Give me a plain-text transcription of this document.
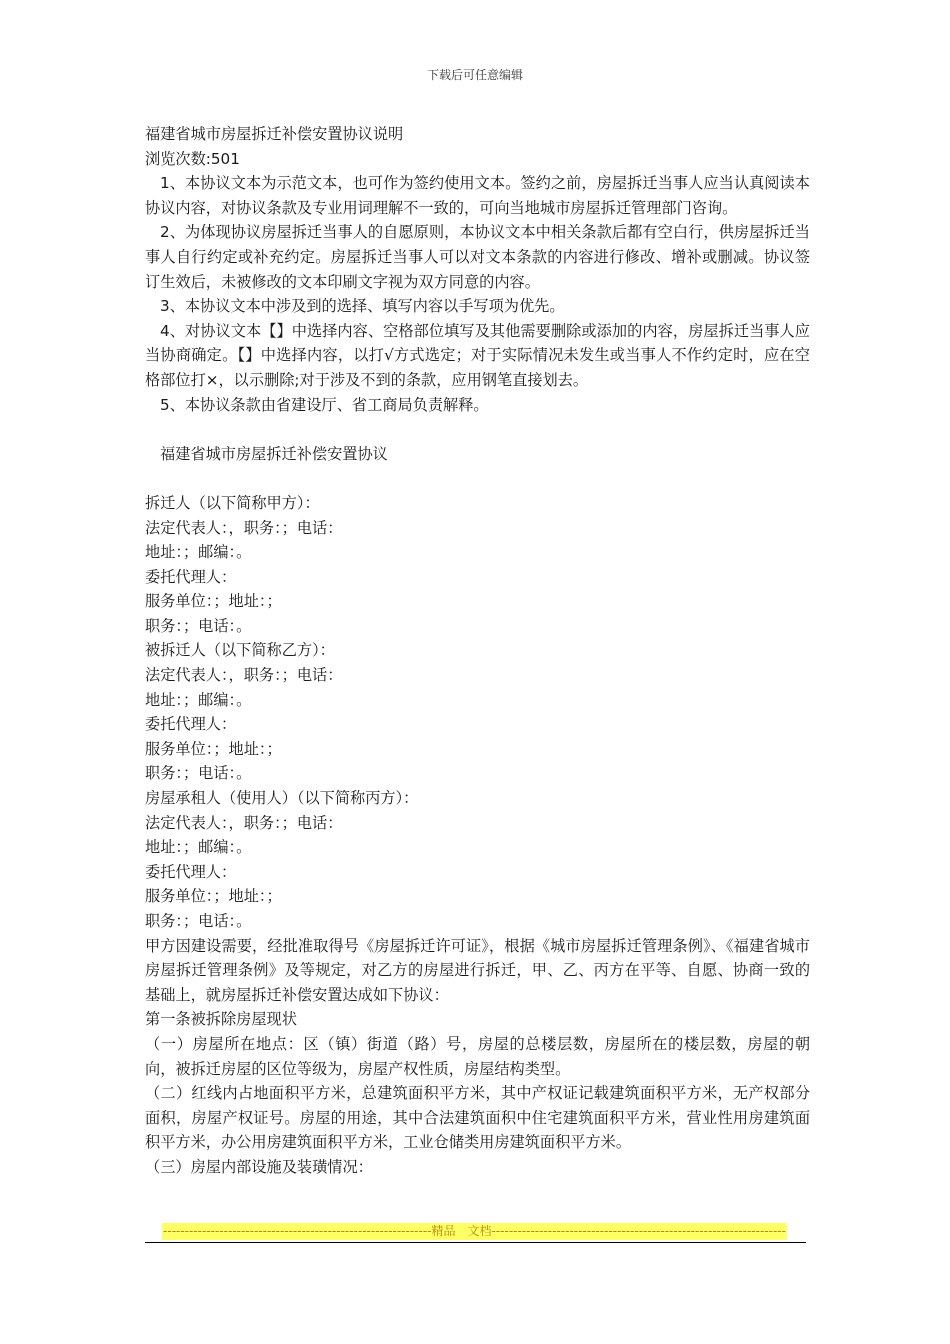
下载后可任意编辑

福建省城市房屋拆迁补偿安置协议说明

浏览次数:501

1、本协议文本为示范文本，也可作为签约使用文本。签约之前，房屋拆迁当事人应当认真阅读本协议内容，对协议条款及专业用词理解不一致的，可向当地城市房屋拆迁管理部门咨询。

2、为体现协议房屋拆迁当事人的自愿原则，本协议文本中相关条款后都有空白行，供房屋拆迁当事人自行约定或补充约定。房屋拆迁当事人可以对文本条款的内容进行修改、增补或删减。协议签订生效后，未被修改的文本印刷文字视为双方同意的内容。

3、本协议文本中涉及到的选择、填写内容以手写项为优先。

4、对协议文本【】中选择内容、空格部位填写及其他需要删除或添加的内容，房屋拆迁当事人应当协商确定。【】中选择内容，以打√方式选定；对于实际情况未发生或当事人不作约定时，应在空格部位打×，以示删除;对于涉及不到的条款，应用钢笔直接划去。

5、本协议条款由省建设厅、省工商局负责解释。

福建省城市房屋拆迁补偿安置协议

拆迁人（以下简称甲方）：

法定代表人：，职务：；电话：

地址：；邮编：。

委托代理人：

服务单位：；地址：；

职务：；电话：。

被拆迁人（以下简称乙方）：

法定代表人：，职务：；电话：

地址：；邮编：。

委托代理人：

服务单位：；地址：；

职务：；电话：。

房屋承租人（使用人）（以下简称丙方）：

法定代表人：，职务：；电话：

地址：；邮编：。

委托代理人：

服务单位：；地址：；

职务：；电话：。

甲方因建设需要，经批准取得号《房屋拆迁许可证》，根据《城市房屋拆迁管理条例》、《福建省城市房屋拆迁管理条例》及等规定，对乙方的房屋进行拆迁，甲、乙、丙方在平等、自愿、协商一致的基础上，就房屋拆迁补偿安置达成如下协议：

第一条被拆除房屋现状

（一）房屋所在地点：区（镇）街道（路）号，房屋的总楼层数，房屋所在的楼层数，房屋的朝向，被拆迁房屋的区位等级为，房屋产权性质，房屋结构类型。

（二）红线内占地面积平方米，总建筑面积平方米，其中产权证记载建筑面积平方米，无产权部分面积，房屋产权证号。房屋的用途，其中合法建筑面积中住宅建筑面积平方米，营业性用房建筑面积平方米，办公用房建筑面积平方米，工业仓储类用房建筑面积平方米。

（三）房屋内部设施及装璜情况：

--------------------------------------------------------------精品　文档--------------------------------------------------------------------
